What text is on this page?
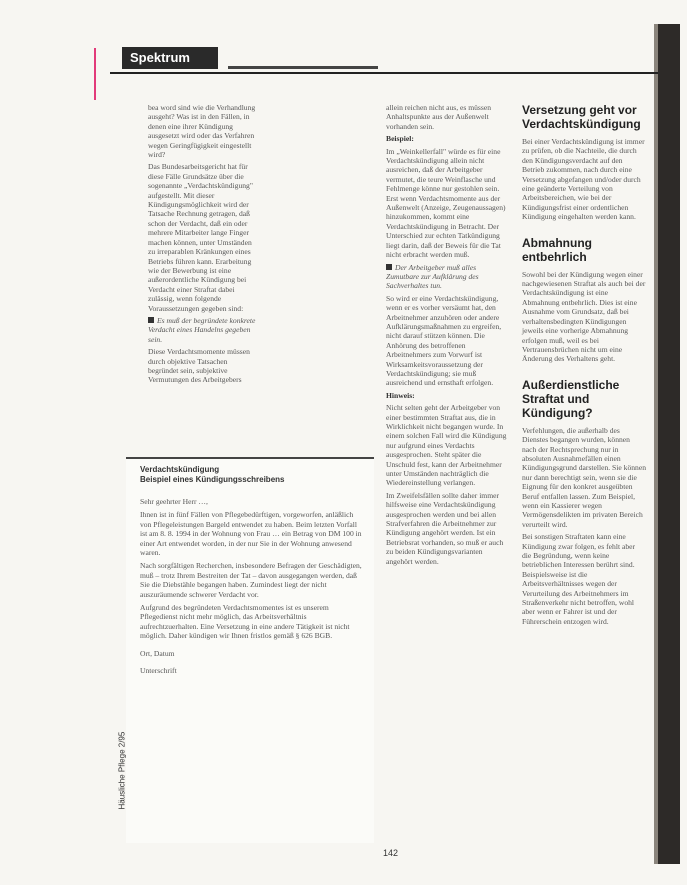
Spektrum

bea word sind wie die Verhandlung ausgeht? Was ist in den Fällen, in denen eine ihrer Kündigung ausgesetzt wird oder das Verfahren wegen Geringfügigkeit eingestellt wird?

Das Bundesarbeitsgericht hat für diese Fälle Grundsätze über die sogenannte „Verdachtskündigung" aufgestellt. Mit dieser Kündigungsmöglichkeit wird der Tatsache Rechnung getragen, daß schon der Verdacht, daß ein oder mehrere Mitarbeiter lange Finger machen können, unter Umständen zu irreparablen Kränkungen eines Betriebs führen kann. Erarbeitung wie der Bewerbung ist eine außerordentliche Kündigung bei Verdacht einer Straftat dabei zulässig, wenn folgende Voraussetzungen gegeben sind:

Es muß der begründete konkrete Verdacht eines Handelns gegeben sein.

Diese Verdachtsmomente müssen durch objektive Tatsachen begründet sein, subjektive Vermutungen des Arbeitgebers

Verdachtskündigung
Beispiel eines Kündigungsschreibens

Sehr geehrter Herr …,

Ihnen ist in fünf Fällen von Pflegebedürftigen, vorgeworfen, anläßlich von Pflegeleistungen Bargeld entwendet zu haben. Beim letzten Vorfall ist am 8. 8. 1994 in der Wohnung von Frau … ein Betrag von DM 100 in einer Art entwendet worden, in der nur Sie in der Wohnung anwesend waren.

Nach sorgfältigen Recherchen, insbesondere Befragen der Geschädigten, muß – trotz Ihrem Bestreiten der Tat – davon ausgegangen werden, daß Sie die Diebstähle begangen haben. Zumindest liegt der nicht auszuräumende schwerer Verdacht vor.

Aufgrund des begründeten Verdachtsmomentes ist es unserem Pflegedienst nicht mehr möglich, das Arbeitsverhältnis aufrechtzuerhalten. Eine Versetzung in eine andere Tätigkeit ist nicht möglich. Daher kündigen wir Ihnen fristlos gemäß § 626 BGB.

Ort, Datum

Unterschrift

Häusliche Pflege 2/95

allein reichen nicht aus, es müssen Anhaltspunkte aus der Außenwelt vorhanden sein.

Beispiel:

Im „Weinkellerfall" würde es für eine Verdachtskündigung allein nicht ausreichen, daß der Arbeitgeber vermutet, die teure Weinflasche und Fehlmenge könne nur gestohlen sein. Erst wenn Verdachtsmomente aus der Außenwelt (Anzeige, Zeugenaussagen) hinzukommen, kommt eine Verdachtskündigung in Betracht. Der Unterschied zur echten Tatkündigung liegt darin, daß der Beweis für die Tat nicht erbracht werden muß.

Der Arbeitgeber muß alles Zumutbare zur Aufklärung des Sachverhaltes tun.

So wird er eine Verdachtskündigung, wenn er es vorher versäumt hat, den Arbeitnehmer anzuhören oder andere Aufklärungsmaßnahmen zu ergreifen, nicht darauf stützen können. Die Anhörung des betroffenen Arbeitnehmers zum Vorwurf ist Wirksamkeitsvoraussetzung der Verdachtskündigung; sie muß ausreichend und ernsthaft erfolgen.

Hinweis:

Nicht selten geht der Arbeitgeber von einer bestimmten Straftat aus, die in Wirklichkeit nicht begangen wurde. In einem solchen Fall wird die Kündigung nur aufgrund eines Verdachts ausgesprochen. Steht später die Unschuld fest, kann der Arbeitnehmer unter Umständen nachträglich die Wiedereinstellung verlangen.

Im Zweifelsfällen sollte daher immer hilfsweise eine Verdachtskündigung ausgesprochen werden und bei allen Strafverfahren die Arbeitnehmer zur Kündigung angehört werden. Ist ein Betriebsrat vorhanden, so muß er auch zu beiden Kündigungsvarianten angehört werden.

Versetzung geht vor Verdachtskündigung

Bei einer Verdachtskündigung ist immer zu prüfen, ob die Nachteile, die durch den Kündigungsverdacht auf den Betrieb zukommen, nach durch eine Versetzung abgefangen und/oder durch eine geänderte Verteilung von Arbeitsbereichen, wie bei der Kündigungsfrist einer ordentlichen Kündigung eingehalten werden kann.

Abmahnung entbehrlich

Sowohl bei der Kündigung wegen einer nachgewiesenen Straftat als auch bei der Verdachtskündigung ist eine Abmahnung entbehrlich. Dies ist eine Ausnahme vom Grundsatz, daß bei verhaltensbedingten Kündigungen jeweils eine vorherige Abmahnung erfolgen muß, weil es bei Vertrauensbrüchen nicht um eine Änderung des Verhaltens geht.

Außerdienstliche Straftat und Kündigung?

Verfehlungen, die außerhalb des Dienstes begangen wurden, können nach der Rechtsprechung nur in absoluten Ausnahmefällen einen Kündigungsgrund darstellen. Sie können nur dann berechtigt sein, wenn sie die Eignung für den konkret ausgeübten Beruf entfallen lassen. Zum Beispiel, wenn ein Kassierer wegen Vermögensdelikten im privaten Bereich verurteilt wird.

Bei sonstigen Straftaten kann eine Kündigung zwar folgen, es fehlt aber die Begründung, wenn keine betrieblichen Interessen berührt sind. Beispielsweise ist die Arbeitsverhältnisses wegen der Verurteilung des Arbeitnehmers im Straßenverkehr nicht betroffen, wohl aber wenn er Fahrer ist und der Führerschein entzogen wird.

142
